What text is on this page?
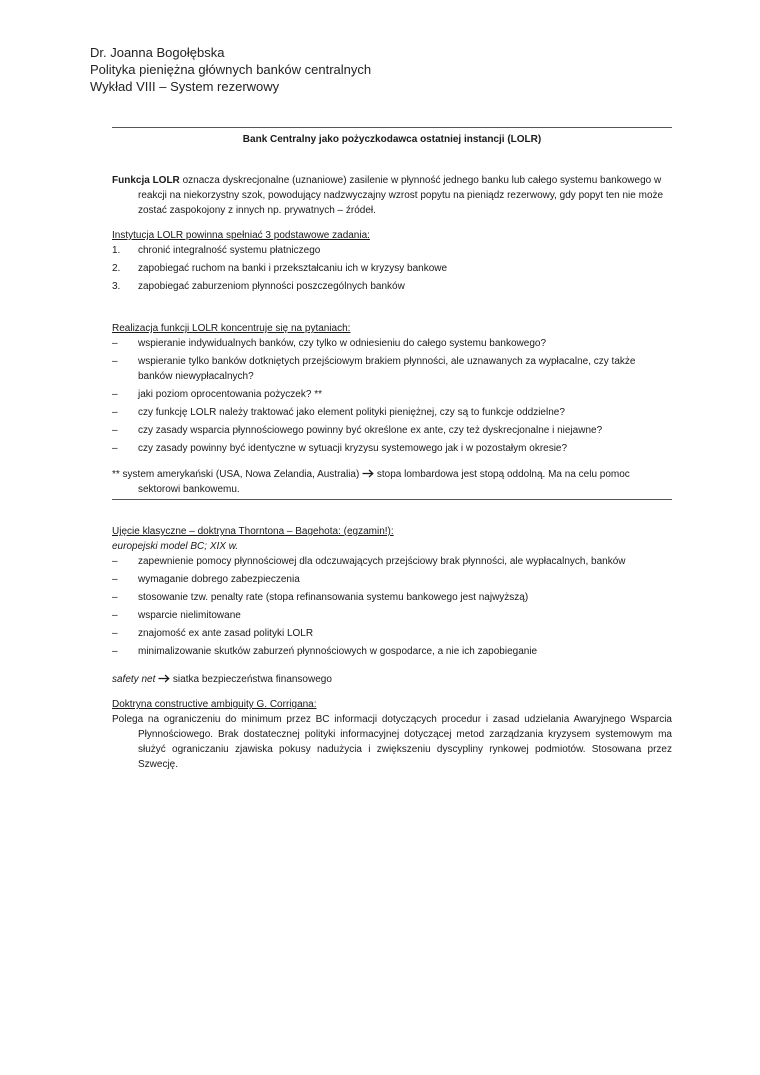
Dr. Joanna Bogołębska
Polityka pieniężna głównych banków centralnych
Wykład VIII – System rezerwowy
Bank Centralny jako pożyczkodawca ostatniej instancji (LOLR)

Funkcja LOLR oznacza dyskrecjonalne (uznaniowe) zasilenie w płynność jednego banku lub całego systemu bankowego w reakcji na niekorzystny szok, powodujący nadzwyczajny wzrost popytu na pieniądz rezerwowy, gdy popyt ten nie może zostać zaspokojony z innych np. prywatnych – źródeł.

Instytucja LOLR powinna spełniać 3 podstawowe zadania:

1. chronić integralność systemu płatniczego
2. zapobiegać ruchom na banki i przekształcaniu ich w kryzysy bankowe
3. zapobiegać zaburzeniom płynności poszczególnych banków

Realizacja funkcji LOLR koncentruje się na pytaniach:

– wspieranie indywidualnych banków, czy tylko w odniesieniu do całego systemu bankowego?
– wspieranie tylko banków dotkniętych przejściowym brakiem płynności, ale uznawanych za wypłacalne, czy także banków niewypłacalnych?
– jaki poziom oprocentowania pożyczek? **
– czy funkcję LOLR należy traktować jako element polityki pieniężnej, czy są to funkcje oddzielne?
– czy zasady wsparcia płynnościowego powinny być określone ex ante, czy też dyskrecjonalne i niejawne?
– czy zasady powinny być identyczne w sytuacji kryzysu systemowego jak i w pozostałym okresie?

** system amerykański (USA, Nowa Zelandia, Australia)  stopa lombardowa jest stopą oddolną. Ma na celu pomoc sektorowi bankowemu.

Ujęcie klasyczne – doktryna Thorntona – Bagehota: (egzamin!):

europejski model BC; XIX w.

– zapewnienie pomocy płynnościowej dla odczuwających przejściowy brak płynności, ale wypłacalnych, banków
– wymaganie dobrego zabezpieczenia
– stosowanie tzw. penalty rate (stopa refinansowania systemu bankowego jest najwyższą)
– wsparcie nielimitowane
– znajomość ex ante zasad polityki LOLR
– minimalizowanie skutków zaburzeń płynnościowych w gospodarce, a nie ich zapobieganie

safety net  siatka bezpieczeństwa finansowego

Doktryna constructive ambiguity G. Corrigana:

Polega na ograniczeniu do minimum przez BC informacji dotyczących procedur i zasad udzielania Awaryjnego Wsparcia Płynnościowego. Brak dostatecznej polityki informacyjnej dotyczącej metod zarządzania kryzysem systemowym ma służyć ograniczaniu zjawiska pokusy nadużycia i zwiększeniu dyscypliny rynkowej podmiotów. Stosowana przez Szwecję.
